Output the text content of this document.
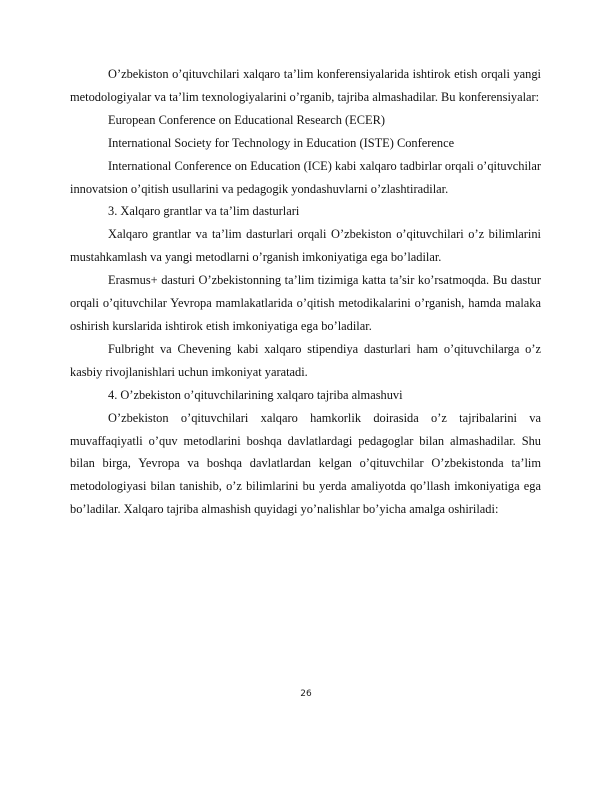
O’zbekiston o’qituvchilari xalqaro ta’lim konferensiyalarida ishtirok etish orqali yangi metodologiyalar va ta’lim texnologiyalarini o’rganib, tajriba almashadilar. Bu konferensiyalar:

European Conference on Educational Research (ECER)

International Society for Technology in Education (ISTE) Conference

International Conference on Education (ICE) kabi xalqaro tadbirlar orqali o’qituvchilar innovatsion o’qitish usullarini va pedagogik yondashuvlarni o’zlashtiradilar.

3. Xalqaro grantlar va ta’lim dasturlari

Xalqaro grantlar va ta’lim dasturlari orqali O’zbekiston o’qituvchilari o’z bilimlarini mustahkamlash va yangi metodlarni o’rganish imkoniyatiga ega bo’ladilar.

Erasmus+ dasturi O’zbekistonning ta’lim tizimiga katta ta’sir ko’rsatmoqda. Bu dastur orqali o’qituvchilar Yevropa mamlakatlarida o’qitish metodikalarini o’rganish, hamda malaka oshirish kurslarida ishtirok etish imkoniyatiga ega bo’ladilar.

Fulbright va Chevening kabi xalqaro stipendiya dasturlari ham o’qituvchilarga o’z kasbiy rivojlanishlari uchun imkoniyat yaratadi.

4. O’zbekiston o’qituvchilarining xalqaro tajriba almashuvi

O’zbekiston o’qituvchilari xalqaro hamkorlik doirasida o’z tajribalarini va muvaffaqiyatli o’quv metodlarini boshqa davlatlardagi pedagoglar bilan almashadilar. Shu bilan birga, Yevropa va boshqa davlatlardan kelgan o’qituvchilar O’zbekistonda ta’lim metodologiyasi bilan tanishib, o’z bilimlarini bu yerda amaliyotda qo’llash imkoniyatiga ega bo’ladilar. Xalqaro tajriba almashish quyidagi yo’nalishlar bo’yicha amalga oshiriladi:

26
